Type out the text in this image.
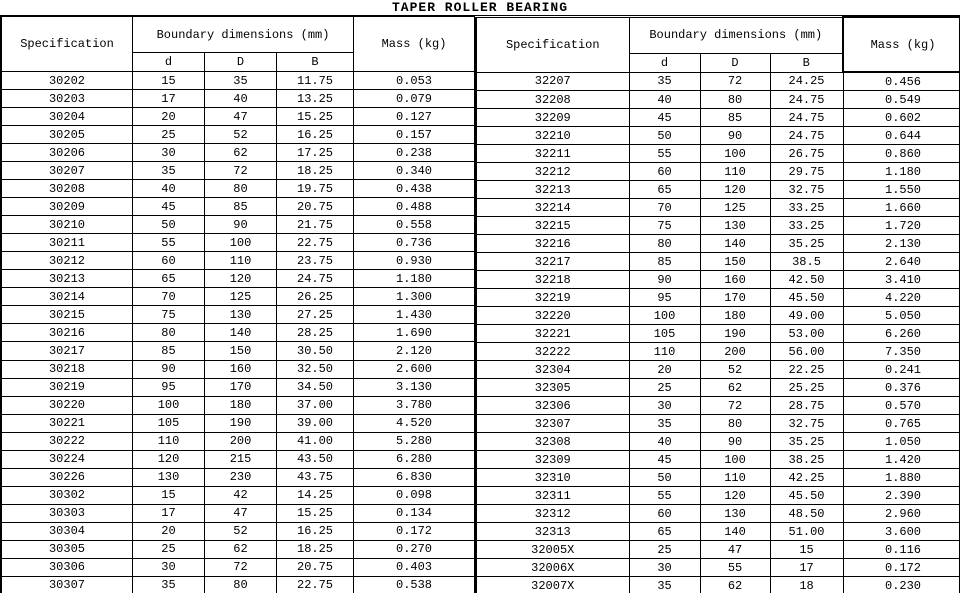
TAPER ROLLER BEARING
Specification	Boundary dimensions (mm)			Mass (kg)
	d	D	B	
30202	15	35	11.75	0.053
30203	17	40	13.25	0.079
30204	20	47	15.25	0.127
30205	25	52	16.25	0.157
30206	30	62	17.25	0.238
30207	35	72	18.25	0.340
30208	40	80	19.75	0.438
30209	45	85	20.75	0.488
30210	50	90	21.75	0.558
30211	55	100	22.75	0.736
30212	60	110	23.75	0.930
30213	65	120	24.75	1.180
30214	70	125	26.25	1.300
30215	75	130	27.25	1.430
30216	80	140	28.25	1.690
30217	85	150	30.50	2.120
30218	90	160	32.50	2.600
30219	95	170	34.50	3.130
30220	100	180	37.00	3.780
30221	105	190	39.00	4.520
30222	110	200	41.00	5.280
30224	120	215	43.50	6.280
30226	130	230	43.75	6.830
30302	15	42	14.25	0.098
30303	17	47	15.25	0.134
30304	20	52	16.25	0.172
30305	25	62	18.25	0.270
30306	30	72	20.75	0.403
30307	35	80	22.75	0.538
Specification	Boundary dimensions (mm)			Mass (kg)
	d	D	B	
32207	35	72	24.25	0.456
32208	40	80	24.75	0.549
32209	45	85	24.75	0.602
32210	50	90	24.75	0.644
32211	55	100	26.75	0.860
32212	60	110	29.75	1.180
32213	65	120	32.75	1.550
32214	70	125	33.25	1.660
32215	75	130	33.25	1.720
32216	80	140	35.25	2.130
32217	85	150	38.5	2.640
32218	90	160	42.50	3.410
32219	95	170	45.50	4.220
32220	100	180	49.00	5.050
32221	105	190	53.00	6.260
32222	110	200	56.00	7.350
32304	20	52	22.25	0.241
32305	25	62	25.25	0.376
32306	30	72	28.75	0.570
32307	35	80	32.75	0.765
32308	40	90	35.25	1.050
32309	45	100	38.25	1.420
32310	50	110	42.25	1.880
32311	55	120	45.50	2.390
32312	60	130	48.50	2.960
32313	65	140	51.00	3.600
32005X	25	47	15	0.116
32006X	30	55	17	0.172
32007X	35	62	18	0.230
